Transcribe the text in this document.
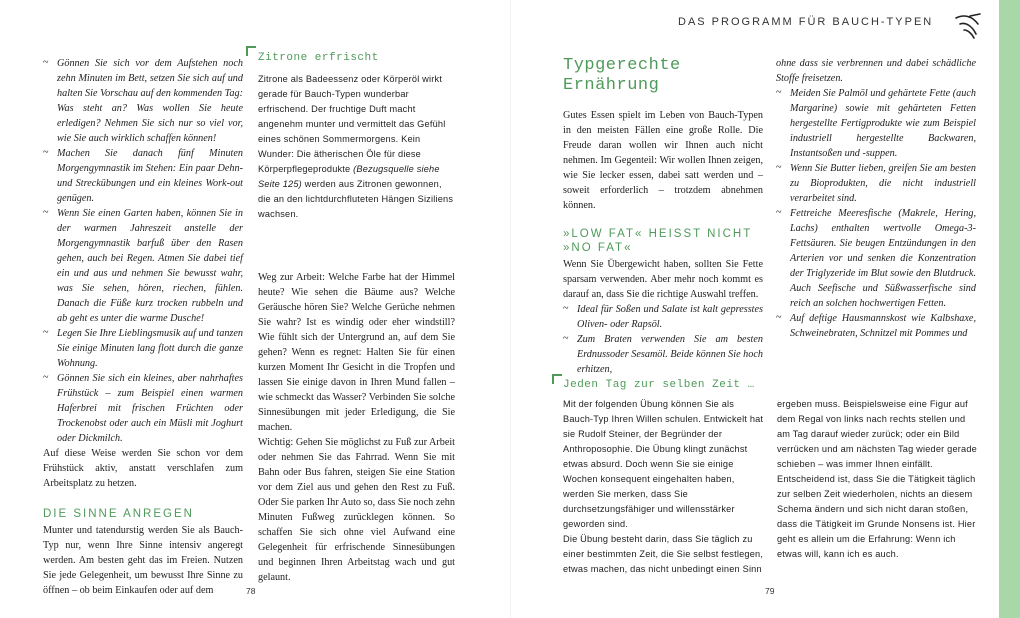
DAS PROGRAMM FÜR BAUCH-TYPEN

~ Gönnen Sie sich vor dem Aufstehen noch zehn Minuten im Bett, setzen Sie sich auf und halten Sie Vorschau auf den kommenden Tag: Was steht an? Was wollen Sie heute erledigen? Nehmen Sie sich nur so viel vor, wie Sie auch wirklich schaffen können!

~ Machen Sie danach fünf Minuten Morgengymnastik im Stehen: Ein paar Dehn- und Streckübungen und ein kleines Work-out genügen.

~ Wenn Sie einen Garten haben, können Sie in der warmen Jahreszeit anstelle der Morgengymnastik barfuß über den Rasen gehen, auch bei Regen. Atmen Sie dabei tief ein und aus und nehmen Sie bewusst wahr, was Sie sehen, hören, riechen, fühlen. Danach die Füße kurz trocken rubbeln und ab geht es unter die warme Dusche!

~ Legen Sie Ihre Lieblingsmusik auf und tanzen Sie einige Minuten lang flott durch die ganze Wohnung.

~ Gönnen Sie sich ein kleines, aber nahrhaftes Frühstück – zum Beispiel einen warmen Haferbrei mit frischen Früchten oder Trockenobst oder auch ein Müsli mit Joghurt oder Dickmilch.

Auf diese Weise werden Sie schon vor dem Frühstück aktiv, anstatt verschlafen zum Arbeitsplatz zu hetzen.

DIE SINNE ANREGEN

Munter und tatendurstig werden Sie als Bauch-Typ nur, wenn Ihre Sinne intensiv angeregt werden. Am besten geht das im Freien. Nutzen Sie jede Gelegenheit, um bewusst Ihre Sinne zu öffnen – ob beim Einkaufen oder auf dem

Zitrone erfrischt

Zitrone als Badeessenz oder Körperöl wirkt gerade für Bauch-Typen wunderbar erfrischend. Der fruchtige Duft macht angenehm munter und vermittelt das Gefühl eines schönen Sommermorgens. Kein Wunder: Die ätherischen Öle für diese Körperpflegeprodukte (Bezugsquelle siehe Seite 125) werden aus Zitronen gewonnen, die an den lichtdurchfluteten Hängen Siziliens wachsen.

Weg zur Arbeit: Welche Farbe hat der Himmel heute? Wie sehen die Bäume aus? Welche Geräusche hören Sie? Welche Gerüche nehmen Sie wahr? Ist es windig oder eher windstill? Wie fühlt sich der Untergrund an, auf dem Sie gehen? Wenn es regnet: Halten Sie für einen kurzen Moment Ihr Gesicht in die Tropfen und lassen Sie einige davon in Ihren Mund fallen – wie schmeckt das Wasser? Verbinden Sie solche Sinnesübungen mit jeder Erledigung, die Sie machen.

Wichtig: Gehen Sie möglichst zu Fuß zur Arbeit oder nehmen Sie das Fahrrad. Wenn Sie mit Bahn oder Bus fahren, steigen Sie eine Station vor dem Ziel aus und gehen den Rest zu Fuß. Oder Sie parken Ihr Auto so, dass Sie noch zehn Minuten Fußweg zurücklegen können. So schaffen Sie sich ohne viel Aufwand eine Gelegenheit für erfrischende Sinnesübungen und beginnen Ihren Arbeitstag wach und gut gelaunt.

78
Typgerechte Ernährung

Gutes Essen spielt im Leben von Bauch-Typen in den meisten Fällen eine große Rolle. Die Freude daran wollen wir Ihnen auch nicht nehmen. Im Gegenteil: Wir wollen Ihnen zeigen, wie Sie lecker essen, dabei satt werden und – soweit erforderlich – trotzdem abnehmen können.

»LOW FAT« HEISST NICHT »NO FAT«

Wenn Sie Übergewicht haben, sollten Sie Fette sparsam verwenden. Aber mehr noch kommt es darauf an, dass Sie die richtige Auswahl treffen.

~ Ideal für Soßen und Salate ist kalt gepresstes Oliven- oder Rapsöl.

~ Zum Braten verwenden Sie am besten Erdnussoder Sesamöl. Beide können Sie hoch erhitzen,

ohne dass sie verbrennen und dabei schädliche Stoffe freisetzen.

~ Meiden Sie Palmöl und gehärtete Fette (auch Margarine) sowie mit gehärteten Fetten hergestellte Fertigprodukte wie zum Beispiel industriell hergestellte Backwaren, Instantsoßen und -suppen.

~ Wenn Sie Butter lieben, greifen Sie am besten zu Bioprodukten, die nicht industriell verarbeitet sind.

~ Fettreiche Meeresfische (Makrele, Hering, Lachs) enthalten wertvolle Omega-3-Fettsäuren. Sie beugen Entzündungen in den Arterien vor und senken die Konzentration der Triglyzeride im Blut sowie den Blutdruck. Auch Seefische und Süßwasserfische sind reich an solchen hochwertigen Fetten.

~ Auf deftige Hausmannskost wie Kalbshaxe, Schweinebraten, Schnitzel mit Pommes und

Jeden Tag zur selben Zeit …

Mit der folgenden Übung können Sie als Bauch-Typ Ihren Willen schulen. Entwickelt hat sie Rudolf Steiner, der Begründer der Anthroposophie. Die Übung klingt zunächst etwas absurd. Doch wenn Sie sie einige Wochen konsequent eingehalten haben, werden Sie merken, dass Sie durchsetzungsfähiger und willensstärker geworden sind.

Die Übung besteht darin, dass Sie täglich zu einer bestimmten Zeit, die Sie selbst festlegen, etwas machen, das nicht unbedingt einen Sinn

ergeben muss. Beispielsweise eine Figur auf dem Regal von links nach rechts stellen und am Tag darauf wieder zurück; oder ein Bild verrücken und am nächsten Tag wieder gerade schieben – was immer Ihnen einfällt. Entscheidend ist, dass Sie die Tätigkeit täglich zur selben Zeit wiederholen, nichts an diesem Schema ändern und sich nicht daran stoßen, dass die Tätigkeit im Grunde Nonsens ist. Hier geht es allein um die Erfahrung: Wenn ich etwas will, kann ich es auch.

79
